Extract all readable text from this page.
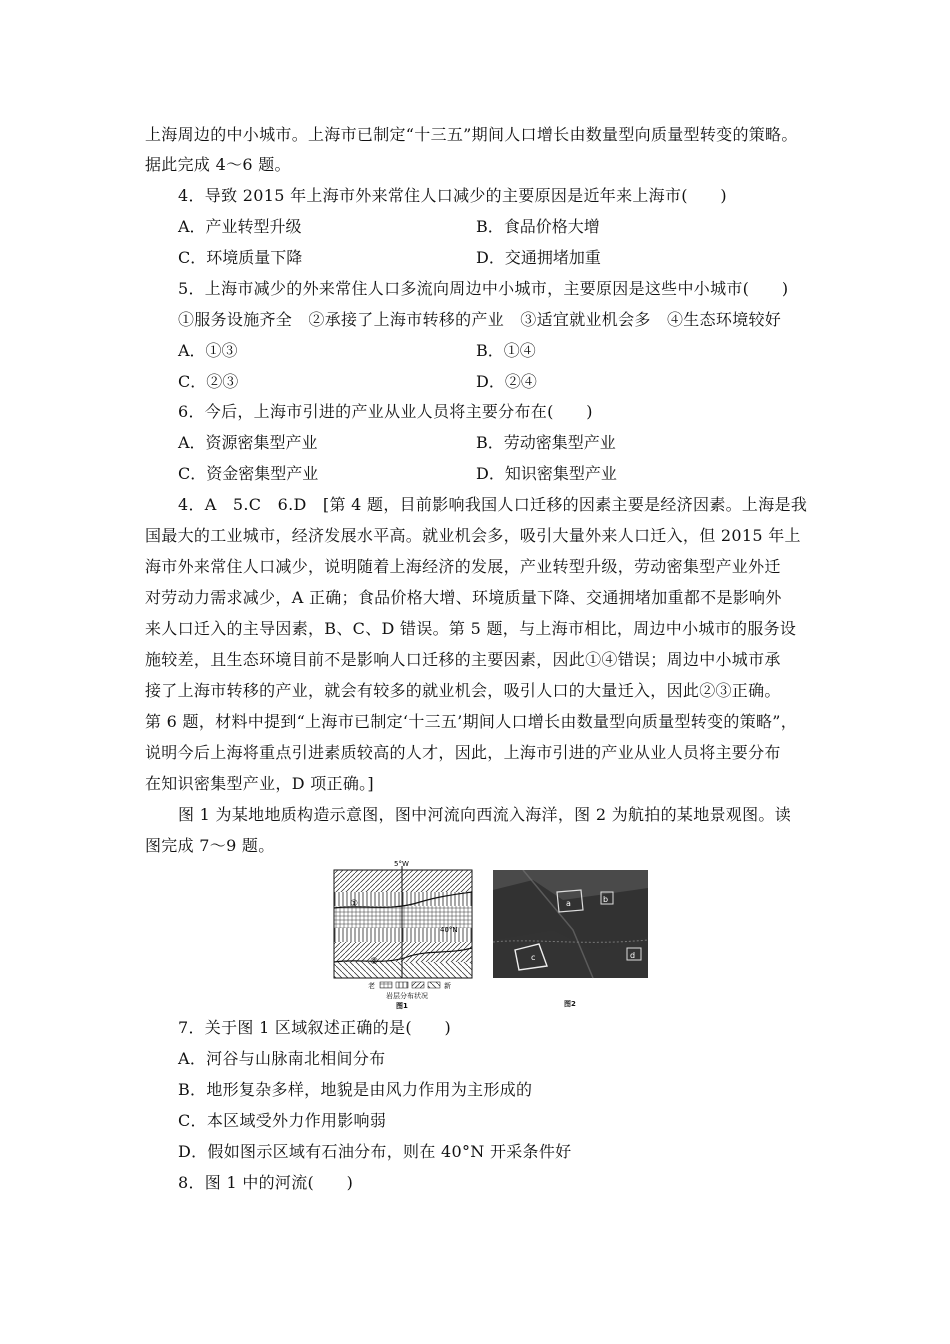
上海周边的中小城市。上海市已制定“十三五”期间人口增长由数量型向质量型转变的策略。
据此完成 4～6 题。
4．导致 2015 年上海市外来常住人口减少的主要原因是近年来上海市(　　)
A．产业转型升级	B．食品价格大增
C．环境质量下降	D．交通拥堵加重
5．上海市减少的外来常住人口多流向周边中小城市，主要原因是这些中小城市(　　)
①服务设施齐全　②承接了上海市转移的产业　③适宜就业机会多　④生态环境较好
A．①③	B．①④
C．②③	D．②④
6．今后，上海市引进的产业从业人员将主要分布在(　　)
A．资源密集型产业	B．劳动密集型产业
C．资金密集型产业	D．知识密集型产业
4．A　5.C　6.D　[第 4 题，目前影响我国人口迁移的因素主要是经济因素。上海是我
国最大的工业城市，经济发展水平高。就业机会多，吸引大量外来人口迁入，但 2015 年上
海市外来常住人口减少，说明随着上海经济的发展，产业转型升级，劳动密集型产业外迁
对劳动力需求减少，A 正确；食品价格大增、环境质量下降、交通拥堵加重都不是影响外
来人口迁入的主导因素，B、C、D 错误。第 5 题，与上海市相比，周边中小城市的服务设
施较差，且生态环境目前不是影响人口迁移的主要因素，因此①④错误；周边中小城市承
接了上海市转移的产业，就会有较多的就业机会，吸引人口的大量迁入，因此②③正确。
第 6 题，材料中提到“上海市已制定‘十三五’期间人口增长由数量型向质量型转变的策略”，
说明今后上海将重点引进素质较高的人才，因此，上海市引进的产业从业人员将主要分布
在知识密集型产业，D 项正确。]
图 1 为某地地质构造示意图，图中河流向西流入海洋，图 2 为航拍的某地景观图。读
图完成 7～9 题。
5°W
40°N
①
②
老	新
岩层分布状况
图1
a	b
c	d
图2
7．关于图 1 区域叙述正确的是(　　)
A．河谷与山脉南北相间分布
B．地形复杂多样，地貌是由风力作用为主形成的
C．本区域受外力作用影响弱
D．假如图示区域有石油分布，则在 40°N 开采条件好
8．图 1 中的河流(　　)
